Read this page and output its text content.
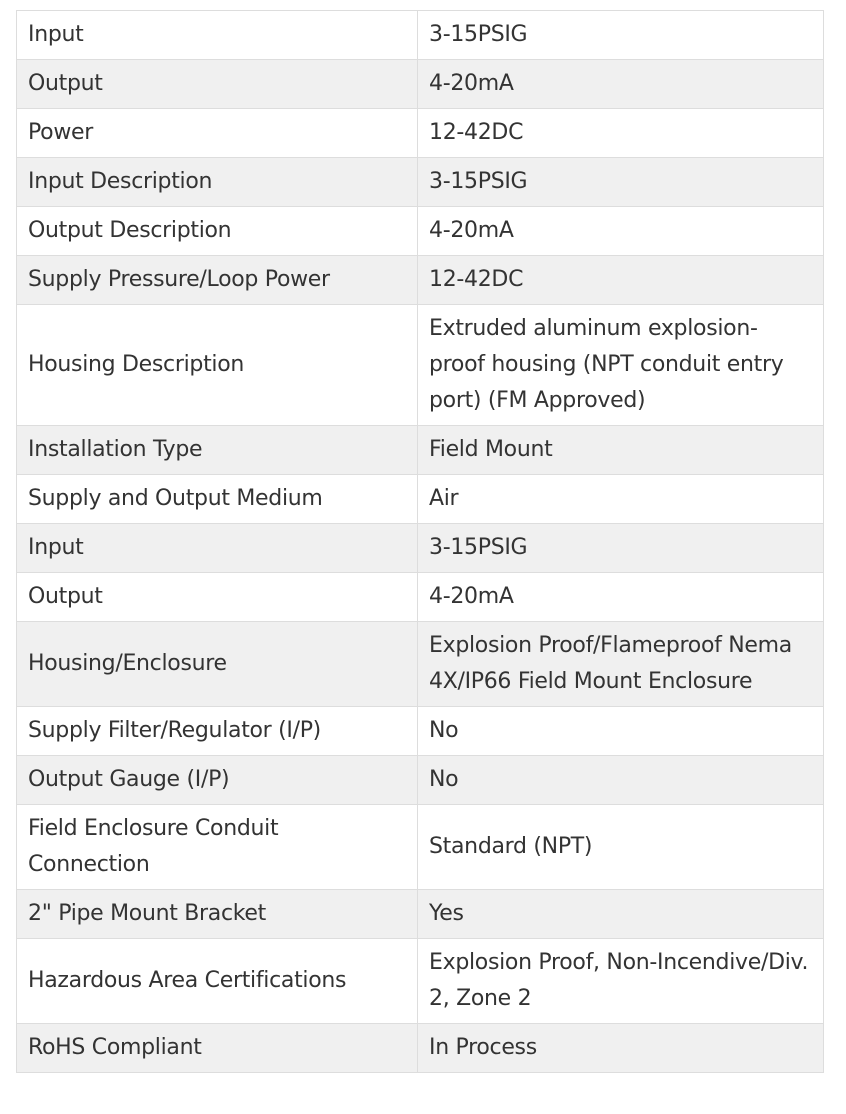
Input	3-15PSIG
Output	4-20mA
Power	12-42DC
Input Description	3-15PSIG
Output Description	4-20mA
Supply Pressure/Loop Power	12-42DC
Housing Description	Extruded aluminum explosion-proof housing (NPT conduit entry port) (FM Approved)
Installation Type	Field Mount
Supply and Output Medium	Air
Input	3-15PSIG
Output	4-20mA
Housing/Enclosure	Explosion Proof/Flameproof Nema 4X/IP66 Field Mount Enclosure
Supply Filter/Regulator (I/P)	No
Output Gauge (I/P)	No
Field Enclosure Conduit Connection	Standard (NPT)
2" Pipe Mount Bracket	Yes
Hazardous Area Certifications	Explosion Proof, Non-Incendive/Div. 2, Zone 2
RoHS Compliant	In Process
